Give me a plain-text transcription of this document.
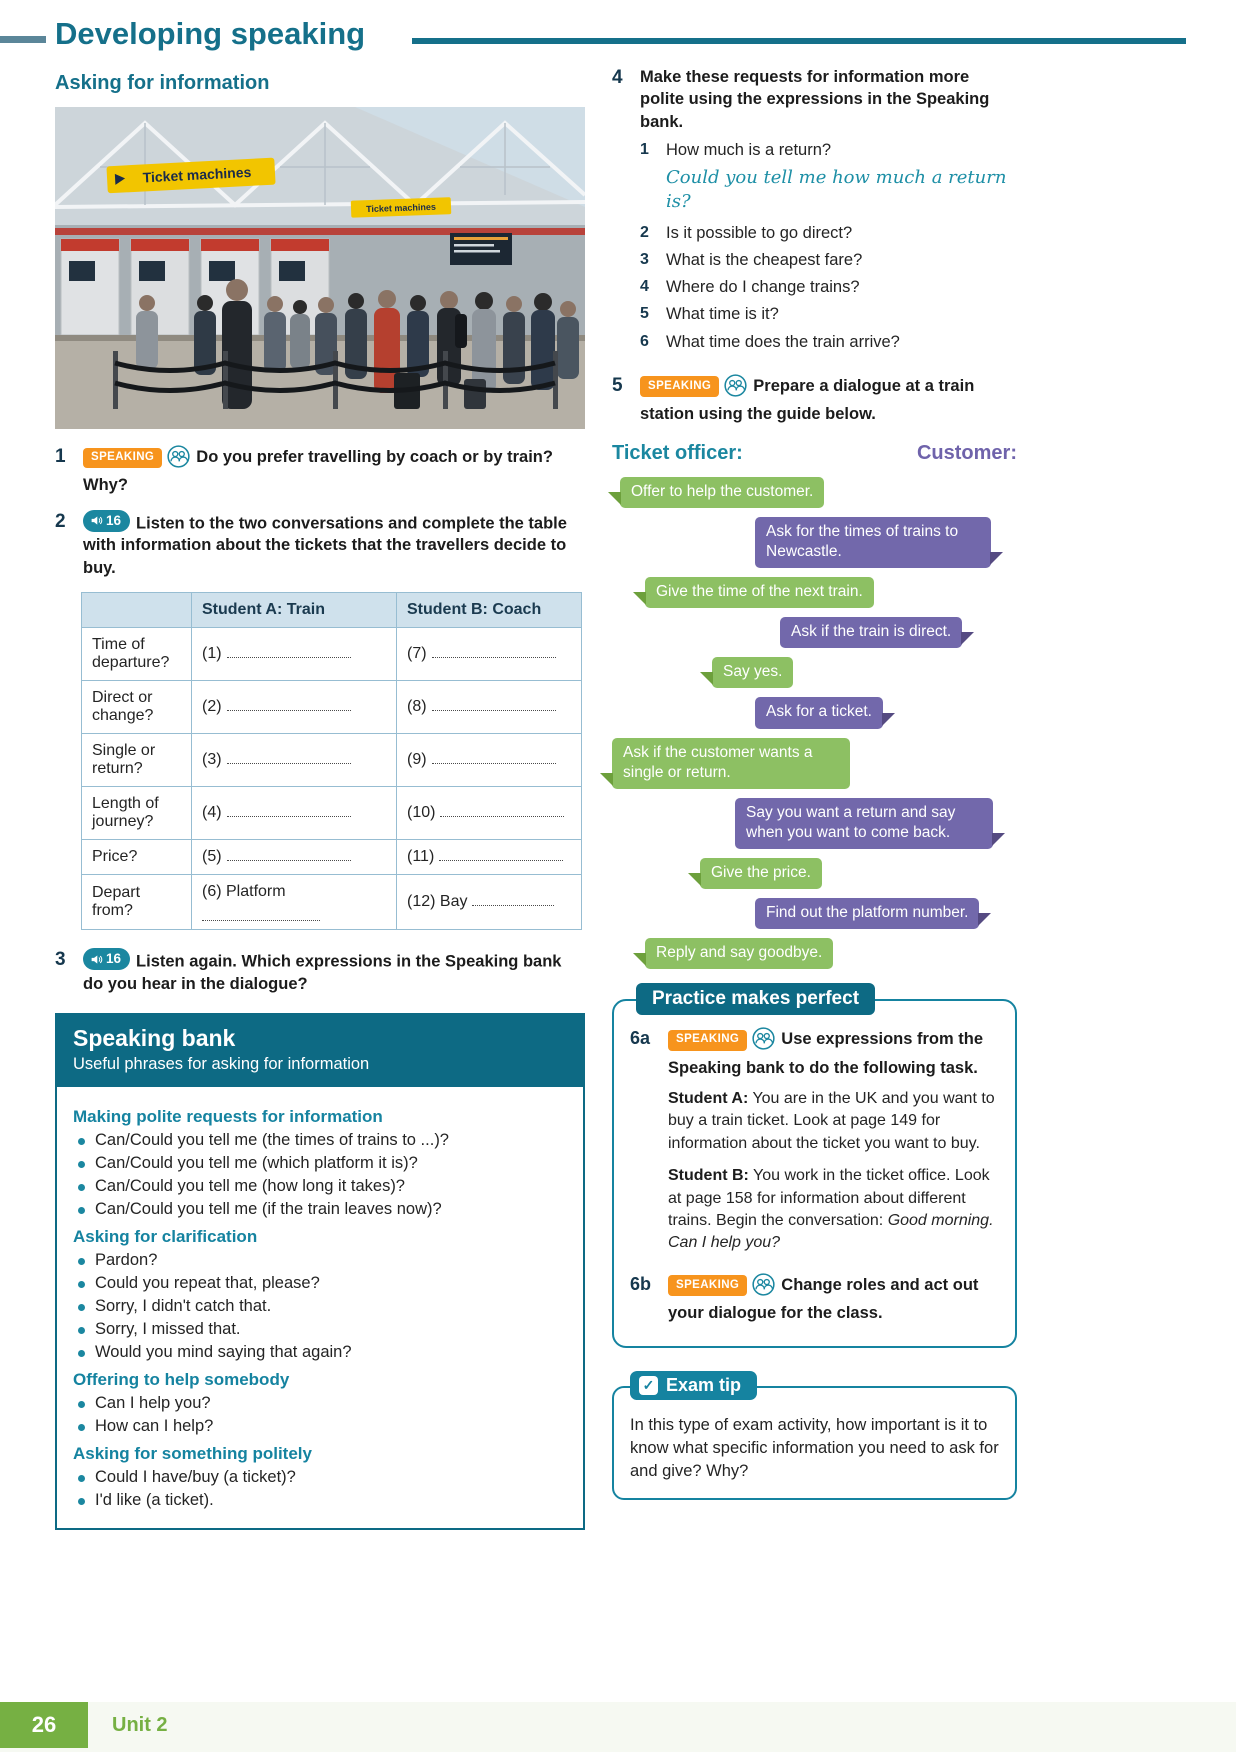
Developing speaking
Asking for information
Ticket machines
Ticket machines
1	SPEAKING	Do you prefer travelling by coach or by train? Why?
2	16 Listen to the two conversations and complete the table with information about the tickets that the travellers decide to buy.
	Student A: Train	Student B: Coach
Time of departure?	(1)	(7)
Direct or change?	(2)	(8)
Single or return?	(3)	(9)
Length of journey?	(4)	(10)
Price?	(5)	(11)
Depart from?	(6) Platform	(12) Bay
3	16 Listen again. Which expressions in the Speaking bank do you hear in the dialogue?
Speaking bank
Useful phrases for asking for information
Making polite requests for information
Can/Could you tell me (the times of trains to ...)?
Can/Could you tell me (which platform it is)?
Can/Could you tell me (how long it takes)?
Can/Could you tell me (if the train leaves now)?
Asking for clarification
Pardon?
Could you repeat that, please?
Sorry, I didn't catch that.
Sorry, I missed that.
Would you mind saying that again?
Offering to help somebody
Can I help you?
How can I help?
Asking for something politely
Could I have/buy (a ticket)?
I'd like (a ticket).
4	Make these requests for information more polite using the expressions in the Speaking bank.
1	How much is a return?
Could you tell me how much a return is?
2	Is it possible to go direct?
3	What is the cheapest fare?
4	Where do I change trains?
5	What time is it?
6	What time does the train arrive?
5	SPEAKING	Prepare a dialogue at a train station using the guide below.
Ticket officer:	Customer:
Offer to help the customer.
Ask for the times of trains to Newcastle.
Give the time of the next train.
Ask if the train is direct.
Say yes.
Ask for a ticket.
Ask if the customer wants a single or return.
Say you want a return and say when you want to come back.
Give the price.
Find out the platform number.
Reply and say goodbye.
Practice makes perfect
6a	SPEAKING	Use expressions from the Speaking bank to do the following task.
Student A: You are in the UK and you want to buy a train ticket. Look at page 149 for information about the ticket you want to buy.
Student B: You work in the ticket office. Look at page 158 for information about different trains. Begin the conversation: Good morning. Can I help you?
6b	SPEAKING	Change roles and act out your dialogue for the class.
✓ Exam tip
In this type of exam activity, how important is it to know what specific information you need to ask for and give? Why?
26	Unit 2
